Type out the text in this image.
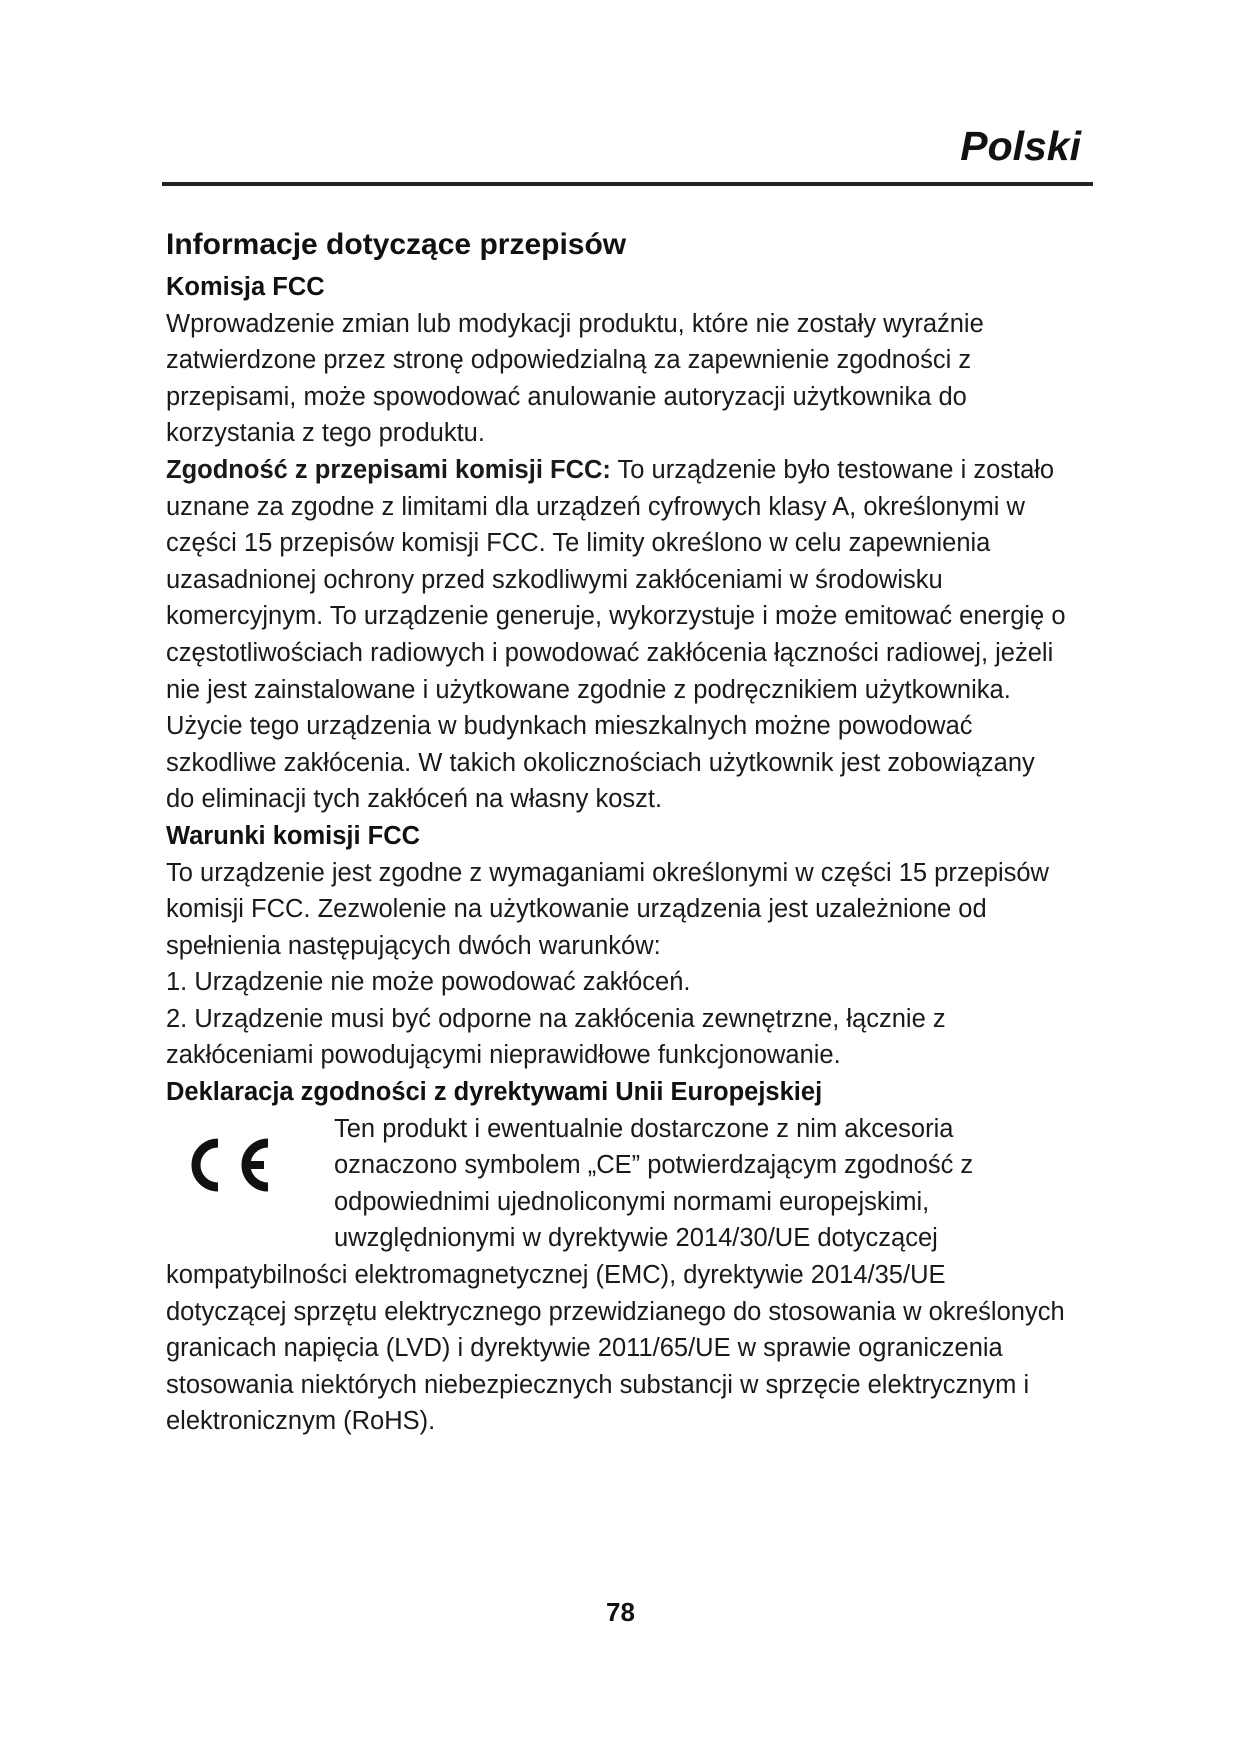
Polski
Informacje dotyczące przepisów
Komisja FCC

Wprowadzenie zmian lub modykacji produktu, które nie zostały wyraźnie zatwierdzone przez stronę odpowiedzialną za zapewnienie zgodności z przepisami, może spowodować anulowanie autoryzacji użytkownika do korzystania z tego produktu.

Zgodność z przepisami komisji FCC: To urządzenie było testowane i zostało uznane za zgodne z limitami dla urządzeń cyfrowych klasy A, określonymi w części 15 przepisów komisji FCC. Te limity określono w celu zapewnienia uzasadnionej ochrony przed szkodliwymi zakłóceniami w środowisku komercyjnym. To urządzenie generuje, wykorzystuje i może emitować energię o częstotliwościach radiowych i powodować zakłócenia łączności radiowej, jeżeli nie jest zainstalowane i użytkowane zgodnie z podręcznikiem użytkownika. Użycie tego urządzenia w budynkach mieszkalnych możne powodować szkodliwe zakłócenia. W takich okolicznościach użytkownik jest zobowiązany do eliminacji tych zakłóceń na własny koszt.

Warunki komisji FCC

To urządzenie jest zgodne z wymaganiami określonymi w części 15 przepisów komisji FCC. Zezwolenie na użytkowanie urządzenia jest uzależnione od spełnienia następujących dwóch warunków:

1. Urządzenie nie może powodować zakłóceń.
2. Urządzenie musi być odporne na zakłócenia zewnętrzne, łącznie z zakłóceniami powodującymi nieprawidłowe funkcjonowanie.
Deklaracja zgodności z dyrektywami Unii Europejskiej

Ten produkt i ewentualnie dostarczone z nim akcesoria oznaczono symbolem „CE” potwierdzającym zgodność z odpowiednimi ujednoliconymi normami europejskimi, uwzględnionymi w dyrektywie 2014/30/UE dotyczącej kompatybilności elektromagnetycznej (EMC), dyrektywie 2014/35/UE dotyczącej sprzętu elektrycznego przewidzianego do stosowania w określonych granicach napięcia (LVD) i dyrektywie 2011/65/UE w sprawie ograniczenia stosowania niektórych niebezpiecznych substancji w sprzęcie elektrycznym i elektronicznym (RoHS).

78
